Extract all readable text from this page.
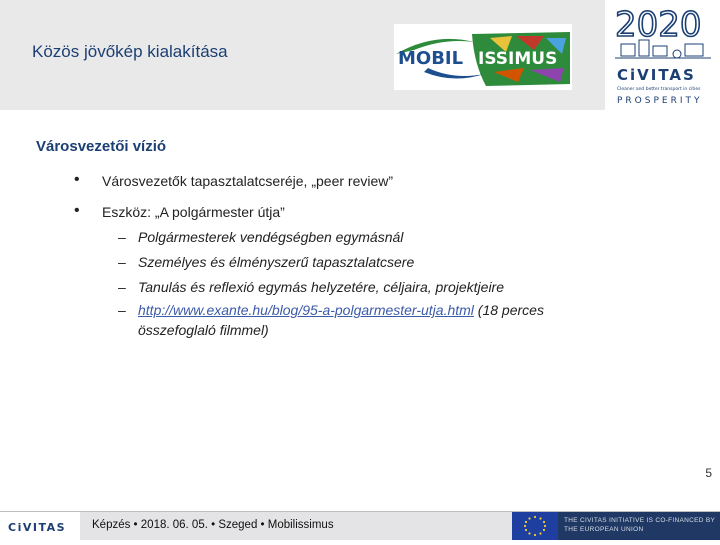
Közös jövőkép kialakítása	MOBIL ISSIMUS
2020
CiVITAS
Cleaner and better transport in cities
PROSPERITY
Városvezetői vízió
• Városvezetők tapasztalatcseréje, „peer review”
• Eszköz: „A polgármester útja”
– Polgármesterek vendégségben egymásnál
– Személyes és élményszerű tapasztalatcsere
– Tanulás és reflexió egymás helyzetére, céljaira, projektjeire
– http://www.exante.hu/blog/95-a-polgarmester-utja.html (18 perces
összefoglaló filmmel)
5
CiVITAS Képzés • 2018. 06. 05. • Szeged • Mobilissimus	THE CIVITAS INITIATIVE IS CO-FINANCED BY
THE EUROPEAN UNION
